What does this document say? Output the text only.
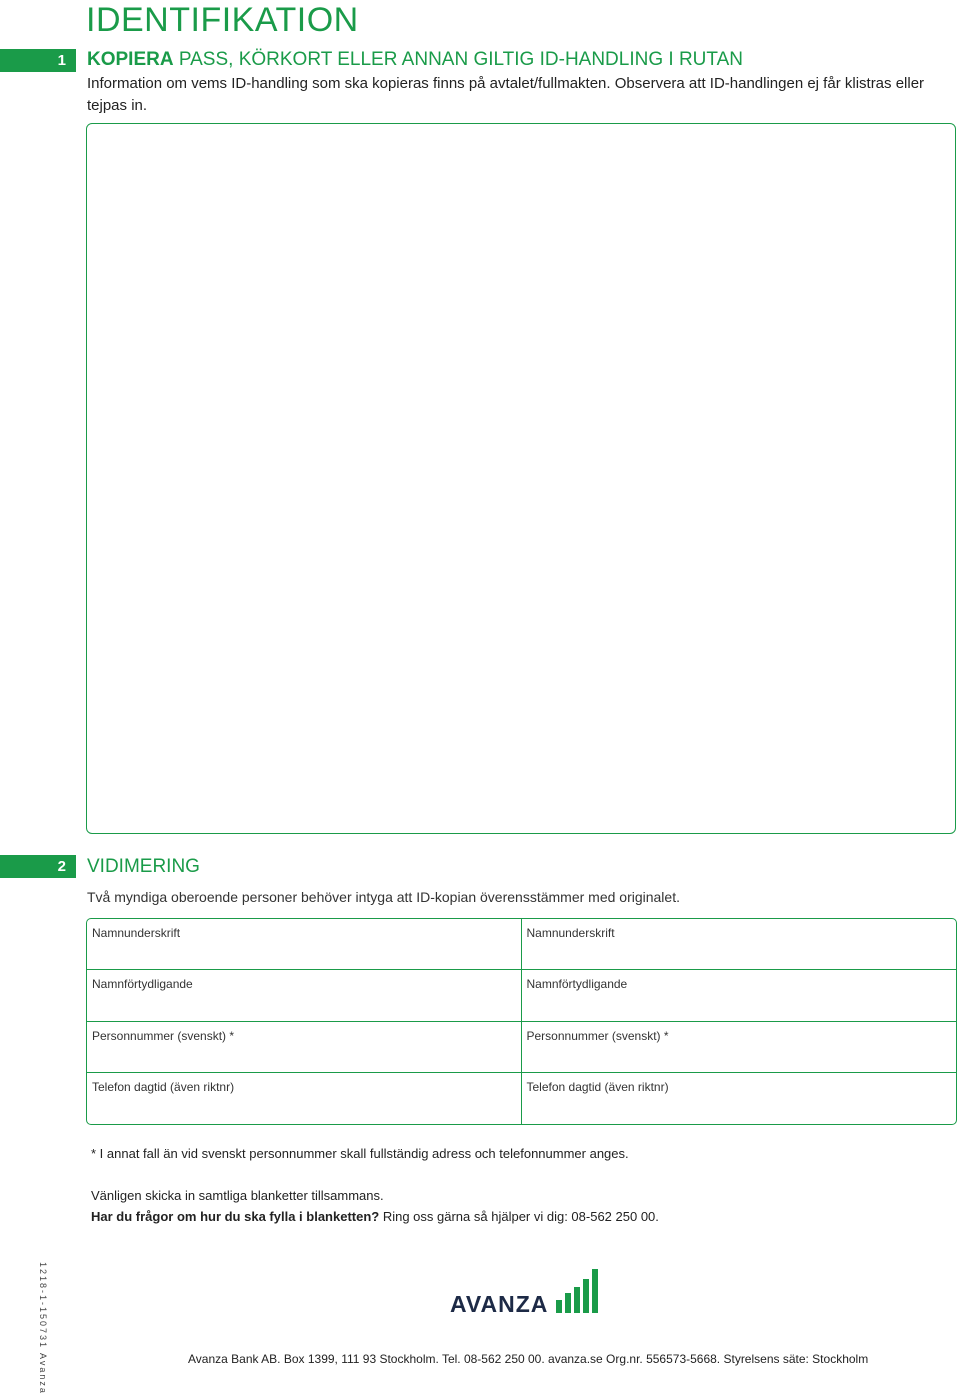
IDENTIFIKATION
1	KOPIERA PASS, KÖRKORT ELLER ANNAN GILTIG ID-HANDLING I RUTAN
Information om vems ID-handling som ska kopieras finns på avtalet/fullmakten. Observera att ID-handlingen ej får klistras eller tejpas in.
2	VIDIMERING
Två myndiga oberoende personer behöver intyga att ID-kopian överensstämmer med originalet.
Namnunderskrift	Namnunderskrift
Namnförtydligande	Namnförtydligande
Personnummer (svenskt) *	Personnummer (svenskt) *
Telefon dagtid (även riktnr)	Telefon dagtid (även riktnr)
* I annat fall än vid svenskt personnummer skall fullständig adress och telefonnummer anges.
Vänligen skicka in samtliga blanketter tillsammans.
Har du frågor om hur du ska fylla i blanketten? Ring oss gärna så hjälper vi dig: 08-562 250 00.
1218-1-150731 Avanza	AVANZA
Avanza Bank AB. Box 1399, 111 93 Stockholm. Tel. 08-562 250 00. avanza.se Org.nr. 556573-5668. Styrelsens säte: Stockholm
